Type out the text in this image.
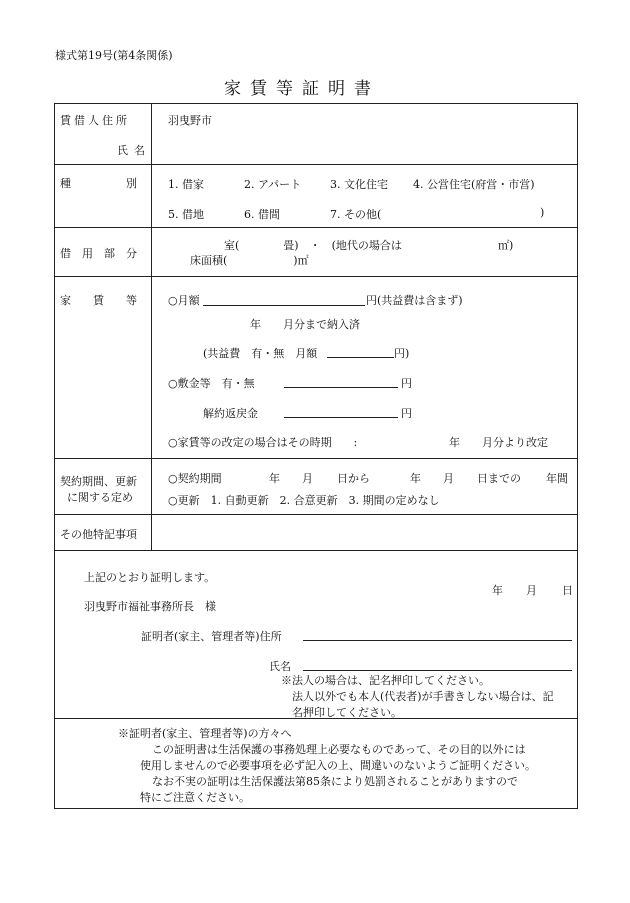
様式第19号(第4条関係)
家賃等証明書
賃借人住所	羽曳野市
氏名
種　　　　　別	1. 借家	2. アパート	3. 文化住宅 4. 公営住宅(府営・市営)
5. 借地	6. 借間	7. その他(	)
借　用　部　分
室(　　　　畳)　・　(地代の場合は	㎡)
床面積(　　　　　　)㎡
家　　賃　　等	○月額	円(共益費は含まず)
年　　月分まで納入済
(共益費　有・無　月額	円)
○敷金等　有・無	円
解約返戻金	円
○家賃等の改定の場合はその時期　　:	年　　月分より改定
契約期間、更新
に関する定め
○契約期間	年 月 日から	年 月 日までの 年間
○更新　1. 自動更新　2. 合意更新　3. 期間の定めなし
その他特記事項
上記のとおり証明します。
年 月 日
羽曳野市福祉事務所長　様
証明者(家主、管理者等)住所
氏名
※法人の場合は、記名押印してください。
法人以外でも本人(代表者)が手書きしない場合は、記
名押印してください。
※証明者(家主、管理者等)の方々へ
この証明書は生活保護の事務処理上必要なものであって、その目的以外には
使用しませんので必要事項を必ず記入の上、間違いのないようご証明ください。
なお不実の証明は生活保護法第85条により処罰されることがありますので
特にご注意ください。
